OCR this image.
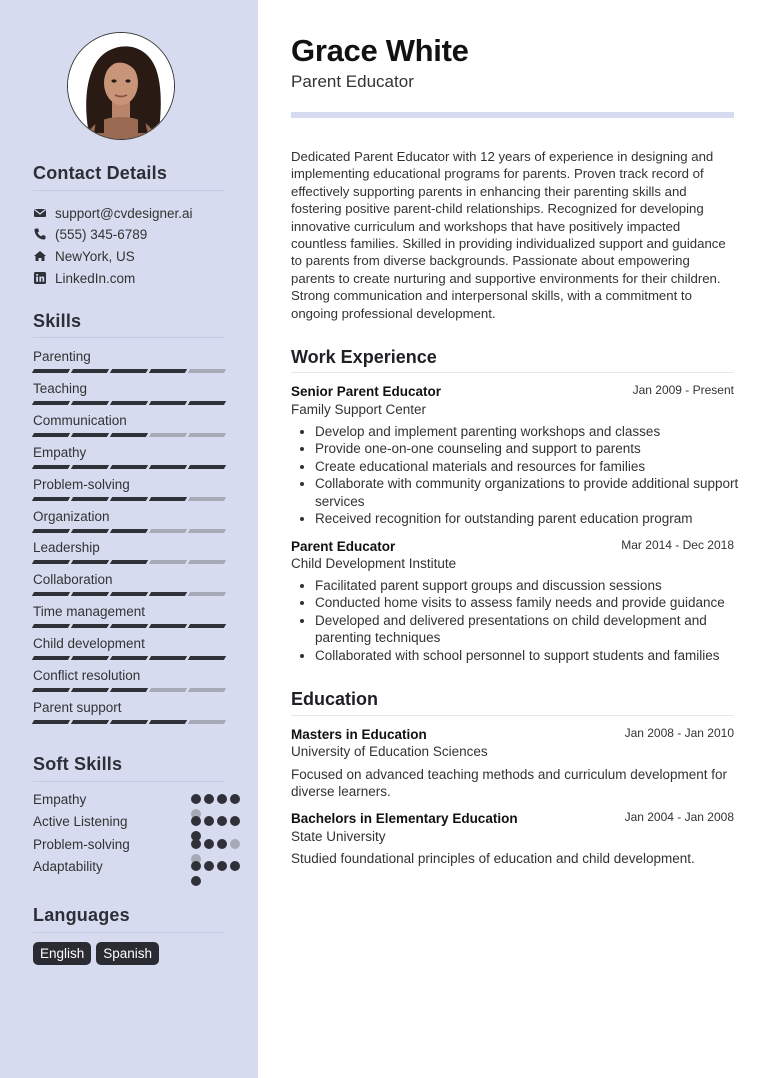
Contact Details
support@cvdesigner.ai
(555) 345-6789
NewYork, US
LinkedIn.com
Skills
Parenting
Teaching
Communication
Empathy
Problem-solving
Organization
Leadership
Collaboration
Time management
Child development
Conflict resolution
Parent support
Soft Skills
Empathy
Active Listening
Problem-solving
Adaptability
Languages
English	Spanish
Grace White
Parent Educator
Dedicated Parent Educator with 12 years of experience in designing and implementing educational programs for parents. Proven track record of effectively supporting parents in enhancing their parenting skills and fostering positive parent-child relationships. Recognized for developing innovative curriculum and workshops that have positively impacted countless families. Skilled in providing individualized support and guidance to parents from diverse backgrounds. Passionate about empowering parents to create nurturing and supportive environments for their children. Strong communication and interpersonal skills, with a commitment to ongoing professional development.
Work Experience
Senior Parent Educator	Jan 2009 - Present
Family Support Center
• Develop and implement parenting workshops and classes
• Provide one-on-one counseling and support to parents
• Create educational materials and resources for families
• Collaborate with community organizations to provide additional support services
• Received recognition for outstanding parent education program
Parent Educator	Mar 2014 - Dec 2018
Child Development Institute
• Facilitated parent support groups and discussion sessions
• Conducted home visits to assess family needs and provide guidance
• Developed and delivered presentations on child development and parenting techniques
• Collaborated with school personnel to support students and families
Education
Masters in Education	Jan 2008 - Jan 2010
University of Education Sciences
Focused on advanced teaching methods and curriculum development for diverse learners.
Bachelors in Elementary Education	Jan 2004 - Jan 2008
State University
Studied foundational principles of education and child development.
